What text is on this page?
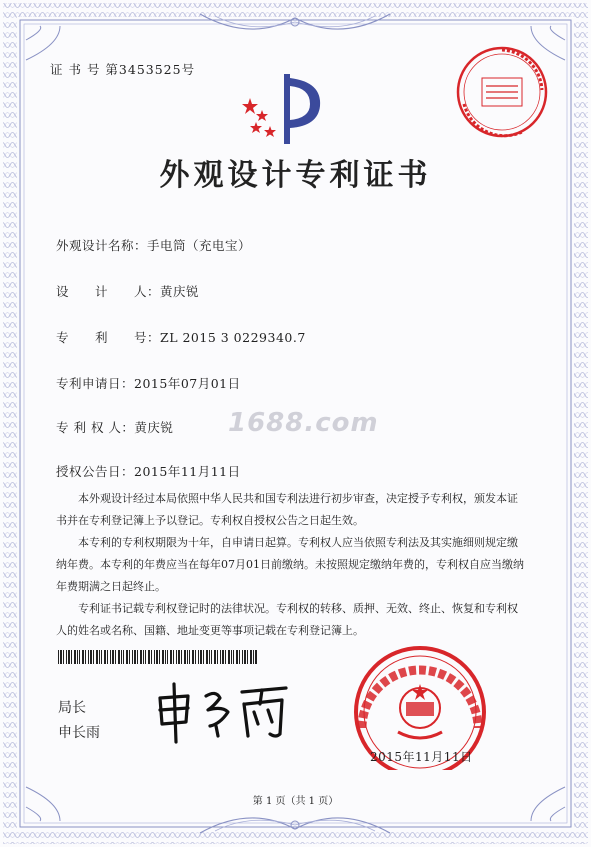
证 书 号 第3453525号
外观设计专利证书
外观设计名称：手电筒（充电宝）
设　　计　　人：黄庆锐
专　　利　　号：ZL 2015 3 0229340.7
专利申请日：2015年07月01日
专 利 权 人：黄庆锐
授权公告日：2015年11月11日
1688.com
本外观设计经过本局依照中华人民共和国专利法进行初步审查，决定授予专利权，颁发本证书并在专利登记簿上予以登记。专利权自授权公告之日起生效。
本专利的专利权期限为十年，自申请日起算。专利权人应当依照专利法及其实施细则规定缴纳年费。本专利的年费应当在每年07月01日前缴纳。未按照规定缴纳年费的，专利权自应当缴纳年费期满之日起终止。
专利证书记载专利权登记时的法律状况。专利权的转移、质押、无效、终止、恢复和专利权人的姓名或名称、国籍、地址变更等事项记载在专利登记簿上。
局长
申长雨
2015年11月11日
第 1 页（共 1 页）
